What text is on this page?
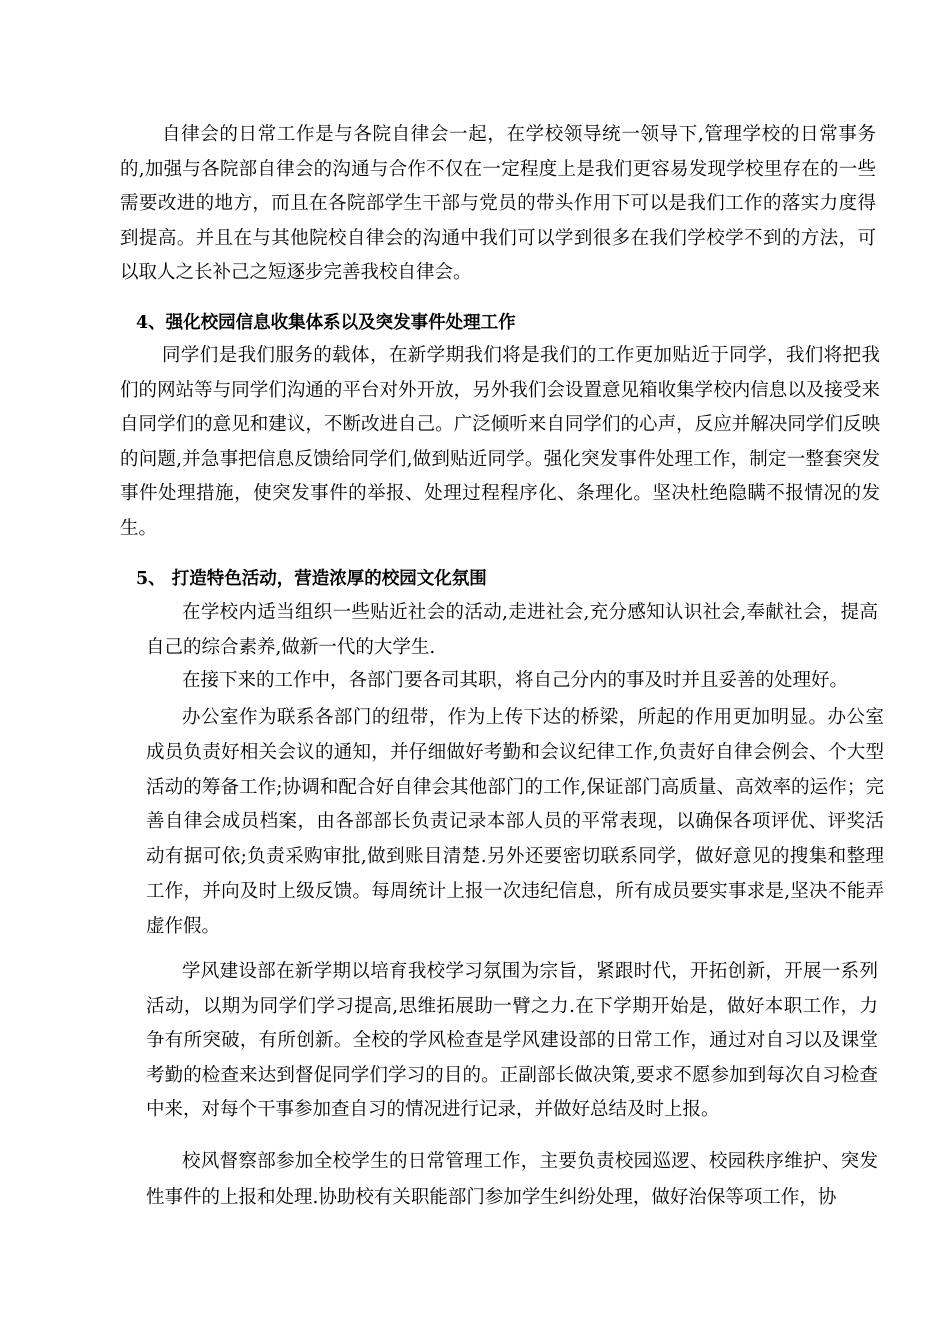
自律会的日常工作是与各院自律会一起，在学校领导统一领导下,管理学校的日常事务的,加强与各院部自律会的沟通与合作不仅在一定程度上是我们更容易发现学校里存在的一些需要改进的地方，而且在各院部学生干部与党员的带头作用下可以是我们工作的落实力度得到提高。并且在与其他院校自律会的沟通中我们可以学到很多在我们学校学不到的方法，可以取人之长补己之短逐步完善我校自律会。

4、强化校园信息收集体系以及突发事件处理工作

同学们是我们服务的载体，在新学期我们将是我们的工作更加贴近于同学，我们将把我们的网站等与同学们沟通的平台对外开放，另外我们会设置意见箱收集学校内信息以及接受来自同学们的意见和建议，不断改进自己。广泛倾听来自同学们的心声，反应并解决同学们反映的问题,并急事把信息反馈给同学们,做到贴近同学。强化突发事件处理工作，制定一整套突发事件处理措施，使突发事件的举报、处理过程程序化、条理化。坚决杜绝隐瞒不报情况的发生。

5、 打造特色活动，营造浓厚的校园文化氛围

在学校内适当组织一些贴近社会的活动,走进社会,充分感知认识社会,奉献社会，提高自己的综合素养,做新一代的大学生.

在接下来的工作中，各部门要各司其职，将自己分内的事及时并且妥善的处理好。

办公室作为联系各部门的纽带，作为上传下达的桥梁，所起的作用更加明显。办公室成员负责好相关会议的通知，并仔细做好考勤和会议纪律工作,负责好自律会例会、个大型活动的筹备工作;协调和配合好自律会其他部门的工作,保证部门高质量、高效率的运作；完善自律会成员档案，由各部部长负责记录本部人员的平常表现，以确保各项评优、评奖活动有据可依;负责采购审批,做到账目清楚.另外还要密切联系同学，做好意见的搜集和整理工作，并向及时上级反馈。每周统计上报一次违纪信息，所有成员要实事求是,坚决不能弄虚作假。

学风建设部在新学期以培育我校学习氛围为宗旨，紧跟时代，开拓创新，开展一系列活动，以期为同学们学习提高,思维拓展助一臂之力.在下学期开始是，做好本职工作，力争有所突破，有所创新。全校的学风检查是学风建设部的日常工作，通过对自习以及课堂考勤的检查来达到督促同学们学习的目的。正副部长做决策,要求不愿参加到每次自习检查中来，对每个干事参加查自习的情况进行记录，并做好总结及时上报。

校风督察部参加全校学生的日常管理工作，主要负责校园巡逻、校园秩序维护、突发性事件的上报和处理.协助校有关职能部门参加学生纠纷处理，做好治保等项工作，协
